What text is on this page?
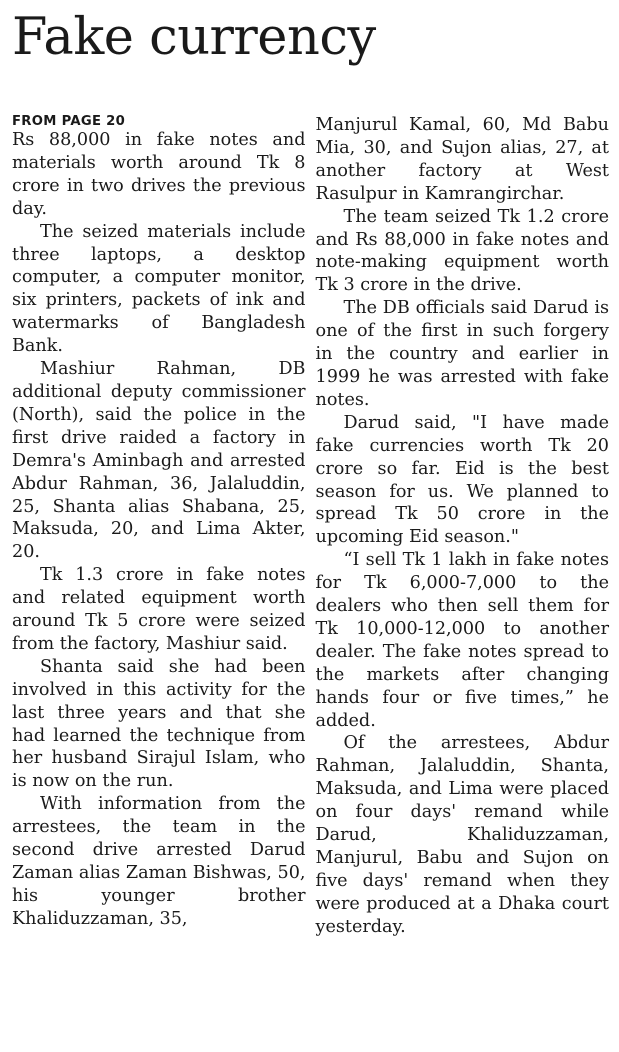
Fake currency
FROM PAGE 20

Rs 88,000 in fake notes and materials worth around Tk 8 crore in two drives the previous day.

The seized materials include three laptops, a desktop computer, a computer monitor, six printers, packets of ink and watermarks of Bangladesh Bank.

Mashiur Rahman, DB additional deputy commissioner (North), said the police in the first drive raided a factory in Demra's Aminbagh and arrested Abdur Rahman, 36, Jalaluddin, 25, Shanta alias Shabana, 25, Maksuda, 20, and Lima Akter, 20.

Tk 1.3 crore in fake notes and related equipment worth around Tk 5 crore were seized from the factory, Mashiur said.

Shanta said she had been involved in this activity for the last three years and that she had learned the technique from her husband Sirajul Islam, who is now on the run.

With information from the arrestees, the team in the second drive arrested Darud Zaman alias Zaman Bishwas, 50, his younger brother Khaliduzzaman, 35,

Manjurul Kamal, 60, Md Babu Mia, 30, and Sujon alias, 27, at another factory at West Rasulpur in Kamrangirchar.

The team seized Tk 1.2 crore and Rs 88,000 in fake notes and note-making equipment worth Tk 3 crore in the drive.

The DB officials said Darud is one of the first in such forgery in the country and earlier in 1999 he was arrested with fake notes.

Darud said, "I have made fake currencies worth Tk 20 crore so far. Eid is the best season for us. We planned to spread Tk 50 crore in the upcoming Eid season."

“I sell Tk 1 lakh in fake notes for Tk 6,000-7,000 to the dealers who then sell them for Tk 10,000-12,000 to another dealer. The fake notes spread to the markets after changing hands four or five times,” he added.

Of the arrestees, Abdur Rahman, Jalaluddin, Shanta, Maksuda, and Lima were placed on four days' remand while Darud, Khaliduzzaman, Manjurul, Babu and Sujon on five days' remand when they were produced at a Dhaka court yesterday.
